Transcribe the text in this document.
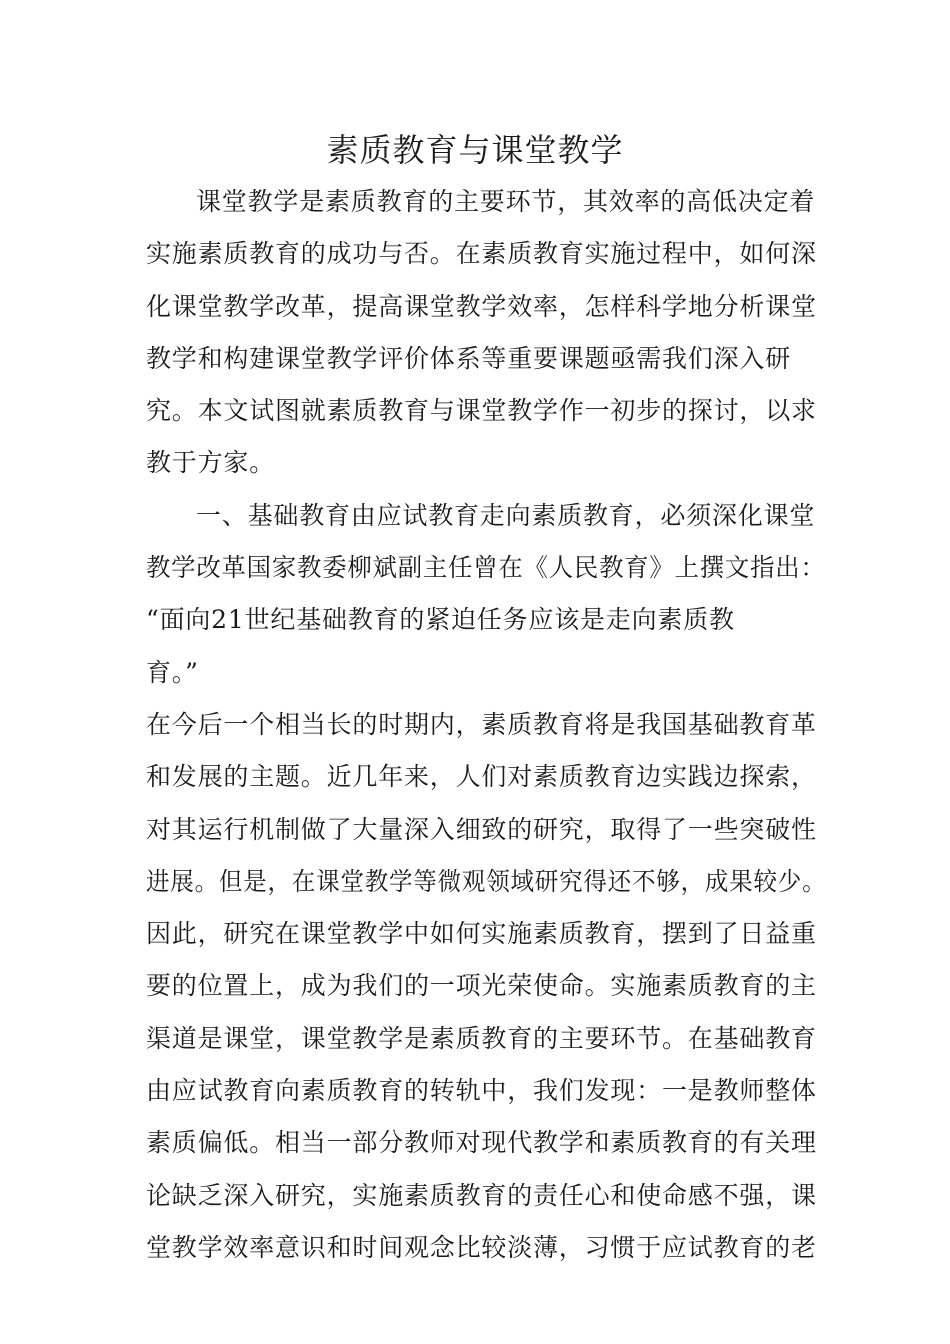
素质教育与课堂教学
课堂教学是素质教育的主要环节，其效率的高低决定着
实施素质教育的成功与否。在素质教育实施过程中，如何深
化课堂教学改革，提高课堂教学效率，怎样科学地分析课堂
教学和构建课堂教学评价体系等重要课题亟需我们深入研
究。本文试图就素质教育与课堂教学作一初步的探讨，以求
教于方家。
一、基础教育由应试教育走向素质教育，必须深化课堂
教学改革国家教委柳斌副主任曾在《人民教育》上撰文指出：
“面向21世纪基础教育的紧迫任务应该是走向素质教
育。”
在今后一个相当长的时期内，素质教育将是我国基础教育革
和发展的主题。近几年来，人们对素质教育边实践边探索，
对其运行机制做了大量深入细致的研究，取得了一些突破性
进展。但是，在课堂教学等微观领域研究得还不够，成果较少。
因此，研究在课堂教学中如何实施素质教育，摆到了日益重
要的位置上，成为我们的一项光荣使命。实施素质教育的主
渠道是课堂，课堂教学是素质教育的主要环节。在基础教育
由应试教育向素质教育的转轨中，我们发现：一是教师整体
素质偏低。相当一部分教师对现代教学和素质教育的有关理
论缺乏深入研究，实施素质教育的责任心和使命感不强，课
堂教学效率意识和时间观念比较淡薄，习惯于应试教育的老
